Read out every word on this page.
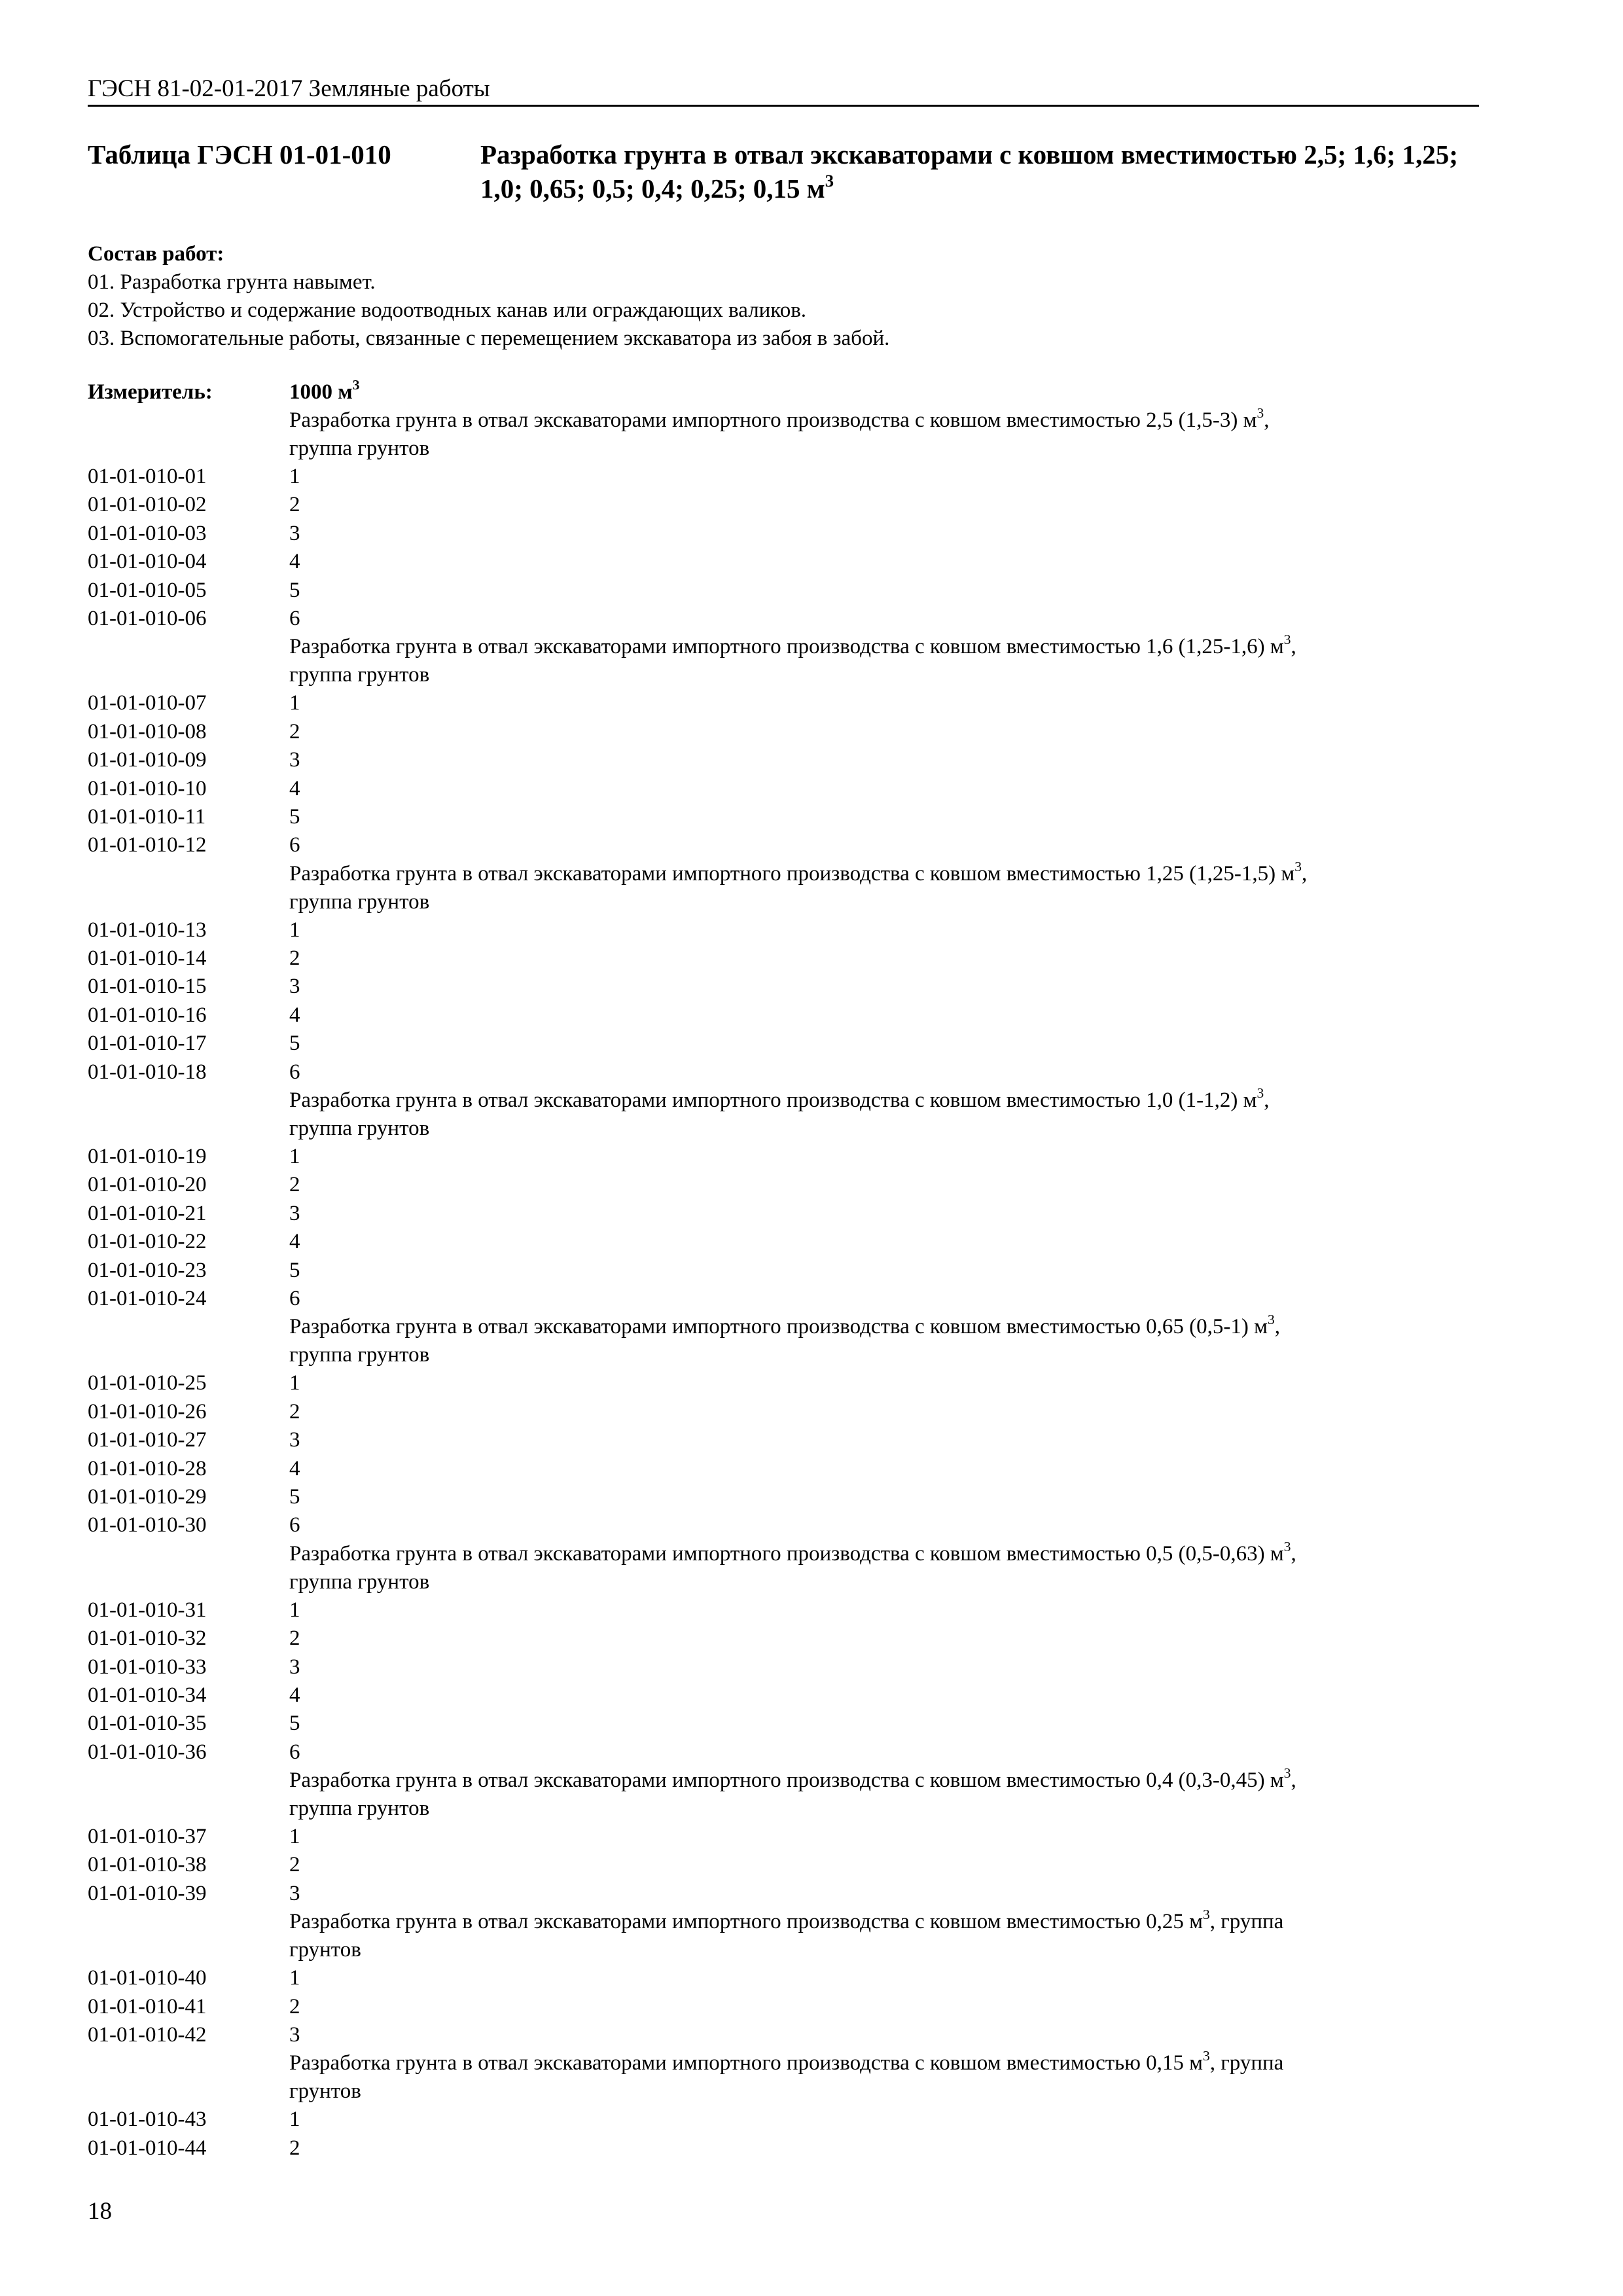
ГЭСН 81-02-01-2017 Земляные работы
Таблица ГЭСН 01-01-010	Разработка грунта в отвал экскаваторами с ковшом вместимостью 2,5; 1,6; 1,25; 1,0; 0,65; 0,5; 0,4; 0,25; 0,15 $м^3$
Состав работ:
01. Разработка грунта навымет.
02. Устройство и содержание водоотводных канав или ограждающих валиков.
03. Вспомогательные работы, связанные с перемещением экскаватора из забоя в забой.
Измеритель:	1000 $м^3$
Разработка грунта в отвал экскаваторами импортного производства с ковшом вместимостью 2,5 (1,5-3) $м^3$,
группа грунтов
01-01-010-01	1
01-01-010-02	2
01-01-010-03	3
01-01-010-04	4
01-01-010-05	5
01-01-010-06	6
Разработка грунта в отвал экскаваторами импортного производства с ковшом вместимостью 1,6 (1,25-1,6) $м^3$,
группа грунтов
01-01-010-07	1
01-01-010-08	2
01-01-010-09	3
01-01-010-10	4
01-01-010-11	5
01-01-010-12	6
Разработка грунта в отвал экскаваторами импортного производства с ковшом вместимостью 1,25 (1,25-1,5) $м^3$,
группа грунтов
01-01-010-13	1
01-01-010-14	2
01-01-010-15	3
01-01-010-16	4
01-01-010-17	5
01-01-010-18	6
Разработка грунта в отвал экскаваторами импортного производства с ковшом вместимостью 1,0 (1-1,2) $м^3$,
группа грунтов
01-01-010-19	1
01-01-010-20	2
01-01-010-21	3
01-01-010-22	4
01-01-010-23	5
01-01-010-24	6
Разработка грунта в отвал экскаваторами импортного производства с ковшом вместимостью 0,65 (0,5-1) $м^3$,
группа грунтов
01-01-010-25	1
01-01-010-26	2
01-01-010-27	3
01-01-010-28	4
01-01-010-29	5
01-01-010-30	6
Разработка грунта в отвал экскаваторами импортного производства с ковшом вместимостью 0,5 (0,5-0,63) $м^3$,
группа грунтов
01-01-010-31	1
01-01-010-32	2
01-01-010-33	3
01-01-010-34	4
01-01-010-35	5
01-01-010-36	6
Разработка грунта в отвал экскаваторами импортного производства с ковшом вместимостью 0,4 (0,3-0,45) $м^3$,
группа грунтов
01-01-010-37	1
01-01-010-38	2
01-01-010-39	3
Разработка грунта в отвал экскаваторами импортного производства с ковшом вместимостью 0,25 $м^3$, группа
грунтов
01-01-010-40	1
01-01-010-41	2
01-01-010-42	3
Разработка грунта в отвал экскаваторами импортного производства с ковшом вместимостью 0,15 $м^3$, группа
грунтов
01-01-010-43	1
01-01-010-44	2
18
